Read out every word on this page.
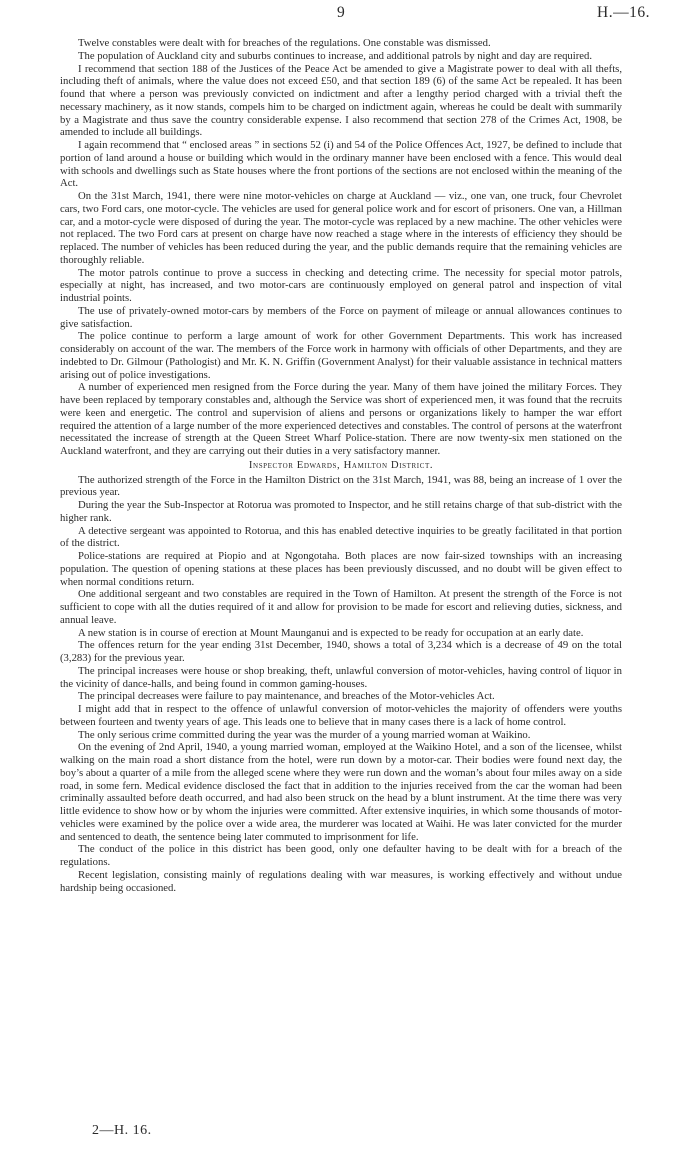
9	H.—16.

Twelve constables were dealt with for breaches of the regulations. One constable was dismissed.

The population of Auckland city and suburbs continues to increase, and additional patrols by night and day are required.

I recommend that section 188 of the Justices of the Peace Act be amended to give a Magistrate power to deal with all thefts, including theft of animals, where the value does not exceed £50, and that section 189 (6) of the same Act be repealed. It has been found that where a person was previously convicted on indictment and after a lengthy period charged with a trivial theft the necessary machinery, as it now stands, compels him to be charged on indictment again, whereas he could be dealt with summarily by a Magistrate and thus save the country considerable expense. I also recommend that section 278 of the Crimes Act, 1908, be amended to include all buildings.

I again recommend that “ enclosed areas ” in sections 52 (i) and 54 of the Police Offences Act, 1927, be defined to include that portion of land around a house or building which would in the ordinary manner have been enclosed with a fence. This would deal with schools and dwellings such as State houses where the front portions of the sections are not enclosed within the meaning of the Act.

On the 31st March, 1941, there were nine motor-vehicles on charge at Auckland — viz., one van, one truck, four Chevrolet cars, two Ford cars, one motor-cycle. The vehicles are used for general police work and for escort of prisoners. One van, a Hillman car, and a motor-cycle were disposed of during the year. The motor-cycle was replaced by a new machine. The other vehicles were not replaced. The two Ford cars at present on charge have now reached a stage where in the interests of efficiency they should be replaced. The number of vehicles has been reduced during the year, and the public demands require that the remaining vehicles are thoroughly reliable.

The motor patrols continue to prove a success in checking and detecting crime. The necessity for special motor patrols, especially at night, has increased, and two motor-cars are continuously employed on general patrol and inspection of vital industrial points.

The use of privately-owned motor-cars by members of the Force on payment of mileage or annual allowances continues to give satisfaction.

The police continue to perform a large amount of work for other Government Departments. This work has increased considerably on account of the war. The members of the Force work in harmony with officials of other Departments, and they are indebted to Dr. Gilmour (Pathologist) and Mr. K. N. Griffin (Government Analyst) for their valuable assistance in technical matters arising out of police investigations.

A number of experienced men resigned from the Force during the year. Many of them have joined the military Forces. They have been replaced by temporary constables and, although the Service was short of experienced men, it was found that the recruits were keen and energetic. The control and supervision of aliens and persons or organizations likely to hamper the war effort required the attention of a large number of the more experienced detectives and constables. The control of persons at the waterfront necessitated the increase of strength at the Queen Street Wharf Police-station. There are now twenty-six men stationed on the Auckland waterfront, and they are carrying out their duties in a very satisfactory manner.

Inspector Edwards, Hamilton District.

The authorized strength of the Force in the Hamilton District on the 31st March, 1941, was 88, being an increase of 1 over the previous year.

During the year the Sub-Inspector at Rotorua was promoted to Inspector, and he still retains charge of that sub-district with the higher rank.

A detective sergeant was appointed to Rotorua, and this has enabled detective inquiries to be greatly facilitated in that portion of the district.

Police-stations are required at Piopio and at Ngongotaha. Both places are now fair-sized townships with an increasing population. The question of opening stations at these places has been previously discussed, and no doubt will be given effect to when normal conditions return.

One additional sergeant and two constables are required in the Town of Hamilton. At present the strength of the Force is not sufficient to cope with all the duties required of it and allow for provision to be made for escort and relieving duties, sickness, and annual leave.

A new station is in course of erection at Mount Maunganui and is expected to be ready for occupation at an early date.

The offences return for the year ending 31st December, 1940, shows a total of 3,234 which is a decrease of 49 on the total (3,283) for the previous year.

The principal increases were house or shop breaking, theft, unlawful conversion of motor-vehicles, having control of liquor in the vicinity of dance-halls, and being found in common gaming-houses.

The principal decreases were failure to pay maintenance, and breaches of the Motor-vehicles Act.

I might add that in respect to the offence of unlawful conversion of motor-vehicles the majority of offenders were youths between fourteen and twenty years of age. This leads one to believe that in many cases there is a lack of home control.

The only serious crime committed during the year was the murder of a young married woman at Waikino.

On the evening of 2nd April, 1940, a young married woman, employed at the Waikino Hotel, and a son of the licensee, whilst walking on the main road a short distance from the hotel, were run down by a motor-car. Their bodies were found next day, the boy’s about a quarter of a mile from the alleged scene where they were run down and the woman’s about four miles away on a side road, in some fern. Medical evidence disclosed the fact that in addition to the injuries received from the car the woman had been criminally assaulted before death occurred, and had also been struck on the head by a blunt instrument. At the time there was very little evidence to show how or by whom the injuries were committed. After extensive inquiries, in which some thousands of motor-vehicles were examined by the police over a wide area, the murderer was located at Waihi. He was later convicted for the murder and sentenced to death, the sentence being later commuted to imprisonment for life.

The conduct of the police in this district has been good, only one defaulter having to be dealt with for a breach of the regulations.

Recent legislation, consisting mainly of regulations dealing with war measures, is working effectively and without undue hardship being occasioned.

2—H. 16.
